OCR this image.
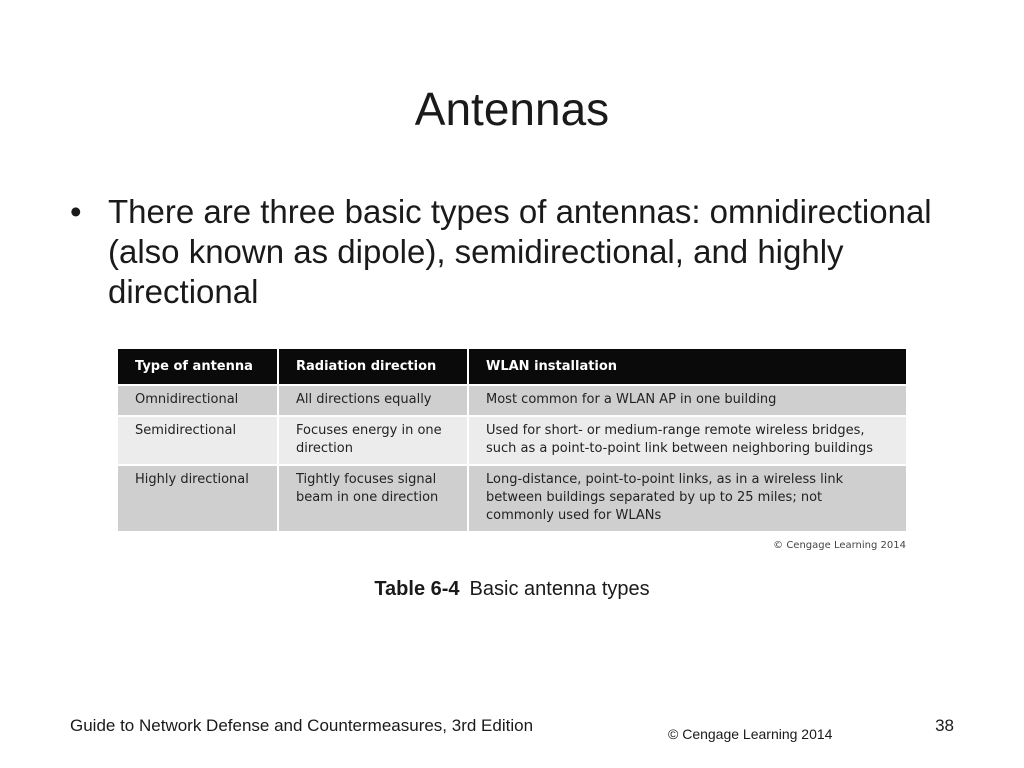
Antennas
• There are three basic types of antennas: omnidirectional (also known as dipole), semidirectional, and highly directional
Type of antenna	Radiation direction	WLAN installation
Omnidirectional	All directions equally	Most common for a WLAN AP in one building
Semidirectional	Focuses energy in one direction	Used for short- or medium-range remote wireless bridges, such as a point-to-point link between neighboring buildings
Highly directional	Tightly focuses signal beam in one direction	Long-distance, point-to-point links, as in a wireless link between buildings separated by up to 25 miles; not commonly used for WLANs
© Cengage Learning 2014
Table 6-4 Basic antenna types
Guide to Network Defense and Countermeasures, 3rd Edition	© Cengage Learning 2014	38
